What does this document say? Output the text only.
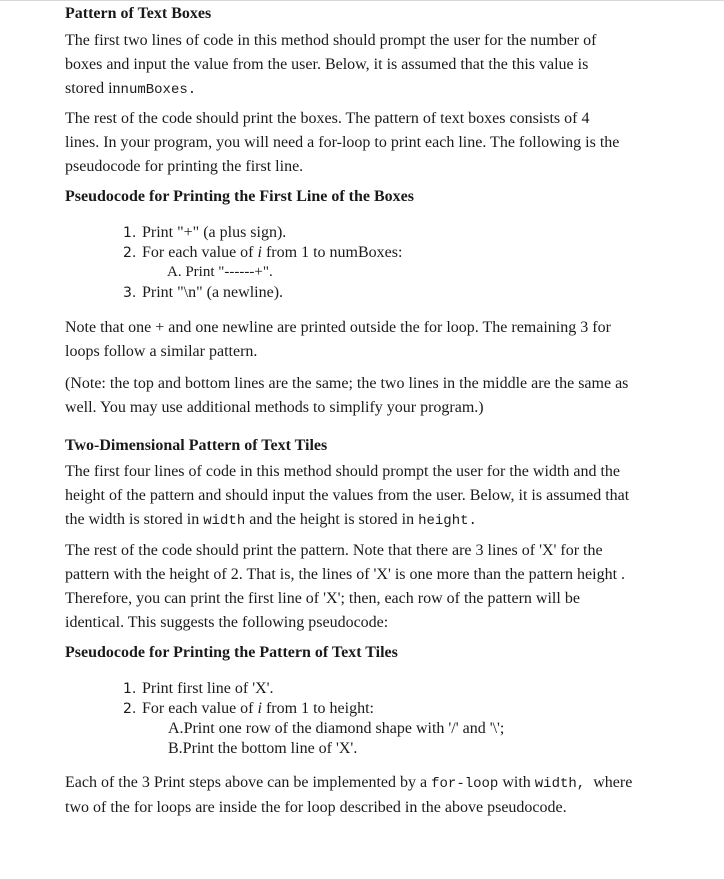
Pattern of Text Boxes
The first two lines of code in this method should prompt the user for the number of
boxes and input the value from the user. Below, it is assumed that the this value is
stored innumBoxes.
The rest of the code should print the boxes. The pattern of text boxes consists of 4
lines. In your program, you will need a for-loop to print each line. The following is the
pseudocode for printing the first line.
Pseudocode for Printing the First Line of the Boxes
1. Print "+" (a plus sign).
2. For each value of i from 1 to numBoxes:
A. Print "------+".
3. Print "\n" (a newline).
Note that one + and one newline are printed outside the for loop. The remaining 3 for
loops follow a similar pattern.
(Note: the top and bottom lines are the same; the two lines in the middle are the same as
well. You may use additional methods to simplify your program.)
Two-Dimensional Pattern of Text Tiles
The first four lines of code in this method should prompt the user for the width and the
height of the pattern and should input the values from the user. Below, it is assumed that
the width is stored in width and the height is stored in height.
The rest of the code should print the pattern. Note that there are 3 lines of 'X' for the
pattern with the height of 2. That is, the lines of 'X' is one more than the pattern height .
Therefore, you can print the first line of 'X'; then, each row of the pattern will be
identical. This suggests the following pseudocode:
Pseudocode for Printing the Pattern of Text Tiles
1. Print first line of 'X'.
2. For each value of i from 1 to height:
A.Print one row of the diamond shape with '/' and '\';
B.Print the bottom line of 'X'.
Each of the 3 Print steps above can be implemented by a for-loop with width, where
two of the for loops are inside the for loop described in the above pseudocode.
